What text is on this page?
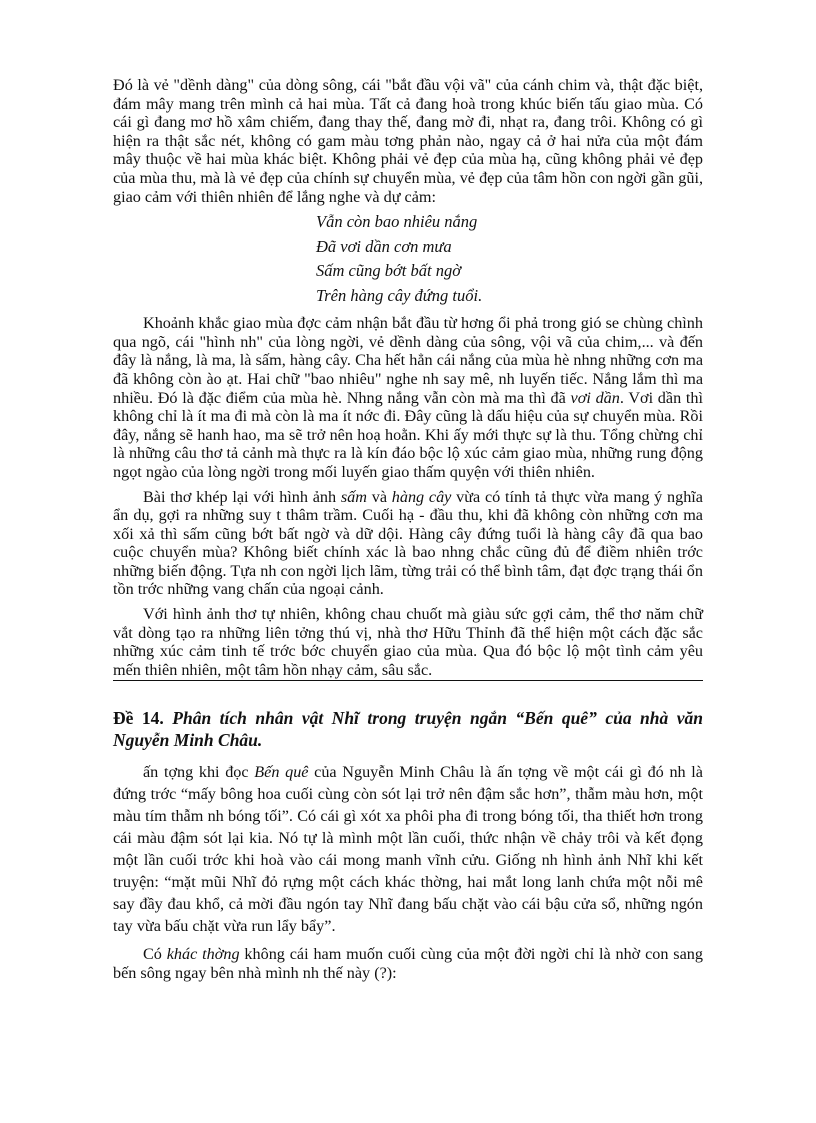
Đó là vẻ "dềnh dàng" của dòng sông, cái "bắt đầu vội vã" của cánh chim và, thật đặc biệt, đám mây mang trên mình cả hai mùa. Tất cả đang hoà trong khúc biến tấu giao mùa. Có cái gì đang mơ hồ xâm chiếm, đang thay thế, đang mờ đi, nhạt ra, đang trôi. Không có gì hiện ra thật sắc nét, không có gam màu tơng phản nào, ngay cả ở hai nửa của một đám mây thuộc về hai mùa khác biệt. Không phải vẻ đẹp của mùa hạ, cũng không phải vẻ đẹp của mùa thu, mà là vẻ đẹp của chính sự chuyển mùa, vẻ đẹp của tâm hồn con ngời gần gũi, giao cảm với thiên nhiên để lắng nghe và dự cảm:

Vẫn còn bao nhiêu nắng
Đã vơi dần cơn mưa
Sấm cũng bớt bất ngờ
Trên hàng cây đứng tuổi.

Khoảnh khắc giao mùa đợc cảm nhận bắt đầu từ hơng ổi phả trong gió se chùng chình qua ngõ, cái "hình nh" của lòng ngời, vẻ dềnh dàng của sông, vội vã của chim,... và đến đây là nắng, là ma, là sấm, hàng cây. Cha hết hẳn cái nắng của mùa hè nhng những cơn ma đã không còn ào ạt. Hai chữ "bao nhiêu" nghe nh say mê, nh luyến tiếc. Nắng lắm thì ma nhiều. Đó là đặc điểm của mùa hè. Nhng nắng vẫn còn mà ma thì đã vơi dần. Vơi dần thì không chỉ là ít ma đi mà còn là ma ít nớc đi. Đây cũng là dấu hiệu của sự chuyển mùa. Rồi đây, nắng sẽ hanh hao, ma sẽ trở nên hoạ hoằn. Khi ấy mới thực sự là thu. Tổng chừng chỉ là những câu thơ tả cảnh mà thực ra là kín đáo bộc lộ xúc cảm giao mùa, những rung động ngọt ngào của lòng ngời trong mối luyến giao thấm quyện với thiên nhiên.

Bài thơ khép lại với hình ảnh sấm và hàng cây vừa có tính tả thực vừa mang ý nghĩa ẩn dụ, gợi ra những suy t thâm trầm. Cuối hạ - đầu thu, khi đã không còn những cơn ma xối xả thì sấm cũng bớt bất ngờ và dữ dội. Hàng cây đứng tuổi là hàng cây đã qua bao cuộc chuyển mùa? Không biết chính xác là bao nhng chắc cũng đủ để điềm nhiên trớc những biến động. Tựa nh con ngời lịch lãm, từng trải có thể bình tâm, đạt đợc trạng thái ổn tồn trớc những vang chấn của ngoại cảnh.

Với hình ảnh thơ tự nhiên, không chau chuốt mà giàu sức gợi cảm, thể thơ năm chữ vắt dòng tạo ra những liên tởng thú vị, nhà thơ Hữu Thỉnh đã thể hiện một cách đặc sắc những xúc cảm tinh tế trớc bớc chuyển giao của mùa. Qua đó bộc lộ một tình cảm yêu mến thiên nhiên, một tâm hồn nhạy cảm, sâu sắc.

Đề 14. Phân tích nhân vật Nhĩ trong truyện ngắn “Bến quê” của nhà văn Nguyễn Minh Châu.

ấn tợng khi đọc Bến quê của Nguyễn Minh Châu là ấn tợng về một cái gì đó nh là đứng trớc “mấy bông hoa cuối cùng còn sót lại trở nên đậm sắc hơn”, thẫm màu hơn, một màu tím thẫm nh bóng tối”. Có cái gì xót xa phôi pha đi trong bóng tối, tha thiết hơn trong cái màu đậm sót lại kia. Nó tự là mình một lần cuối, thức nhận về chảy trôi và kết đọng một lần cuối trớc khi hoà vào cái mong manh vĩnh cửu. Giống nh hình ảnh Nhĩ khi kết truyện: “mặt mũi Nhĩ đỏ rựng một cách khác thờng, hai mắt long lanh chứa một nỗi mê say đầy đau khổ, cả mời đầu ngón tay Nhĩ đang bấu chặt vào cái bậu cửa sổ, những ngón tay vừa bấu chặt vừa run lẩy bẩy”.

Có khác thờng không cái ham muốn cuối cùng của một đời ngời chỉ là nhờ con sang bến sông ngay bên nhà mình nh thế này (?):
